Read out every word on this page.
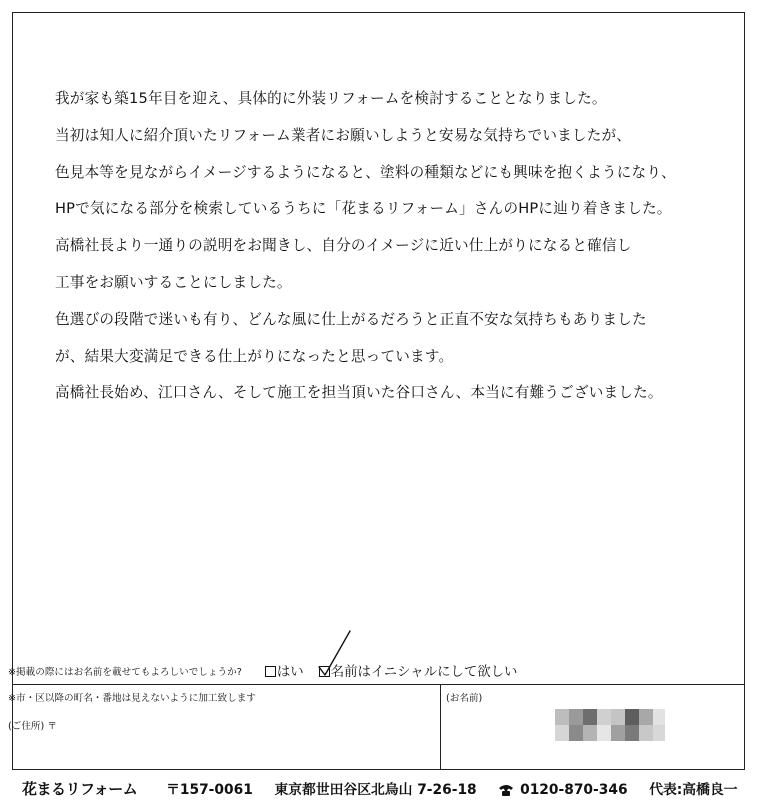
我が家も築15年目を迎え、具体的に外装リフォームを検討することとなりました。
当初は知人に紹介頂いたリフォーム業者にお願いしようと安易な気持ちでいましたが、
色見本等を見ながらイメージするようになると、塗料の種類などにも興味を抱くようになり、
HPで気になる部分を検索しているうちに「花まるリフォーム」さんのHPに辿り着きました。
高橋社長より一通りの説明をお聞きし、自分のイメージに近い仕上がりになると確信し
工事をお願いすることにしました。
色選びの段階で迷いも有り、どんな風に仕上がるだろうと正直不安な気持ちもありました
が、結果大変満足できる仕上がりになったと思っています。
高橋社長始め、江口さん、そして施工を担当頂いた谷口さん、本当に有難うございました。
※掲載の際にはお名前を載せてもよろしいでしょうか?	はい 名前はイニシャルにして欲しい
※市・区以降の町名・番地は見えないように加工致します
(ご住所) 〒
(お名前)
花まるリフォーム 〒157-0061 東京都世田谷区北烏山 7-26-18	0120-870-346 代表:高橋良一
